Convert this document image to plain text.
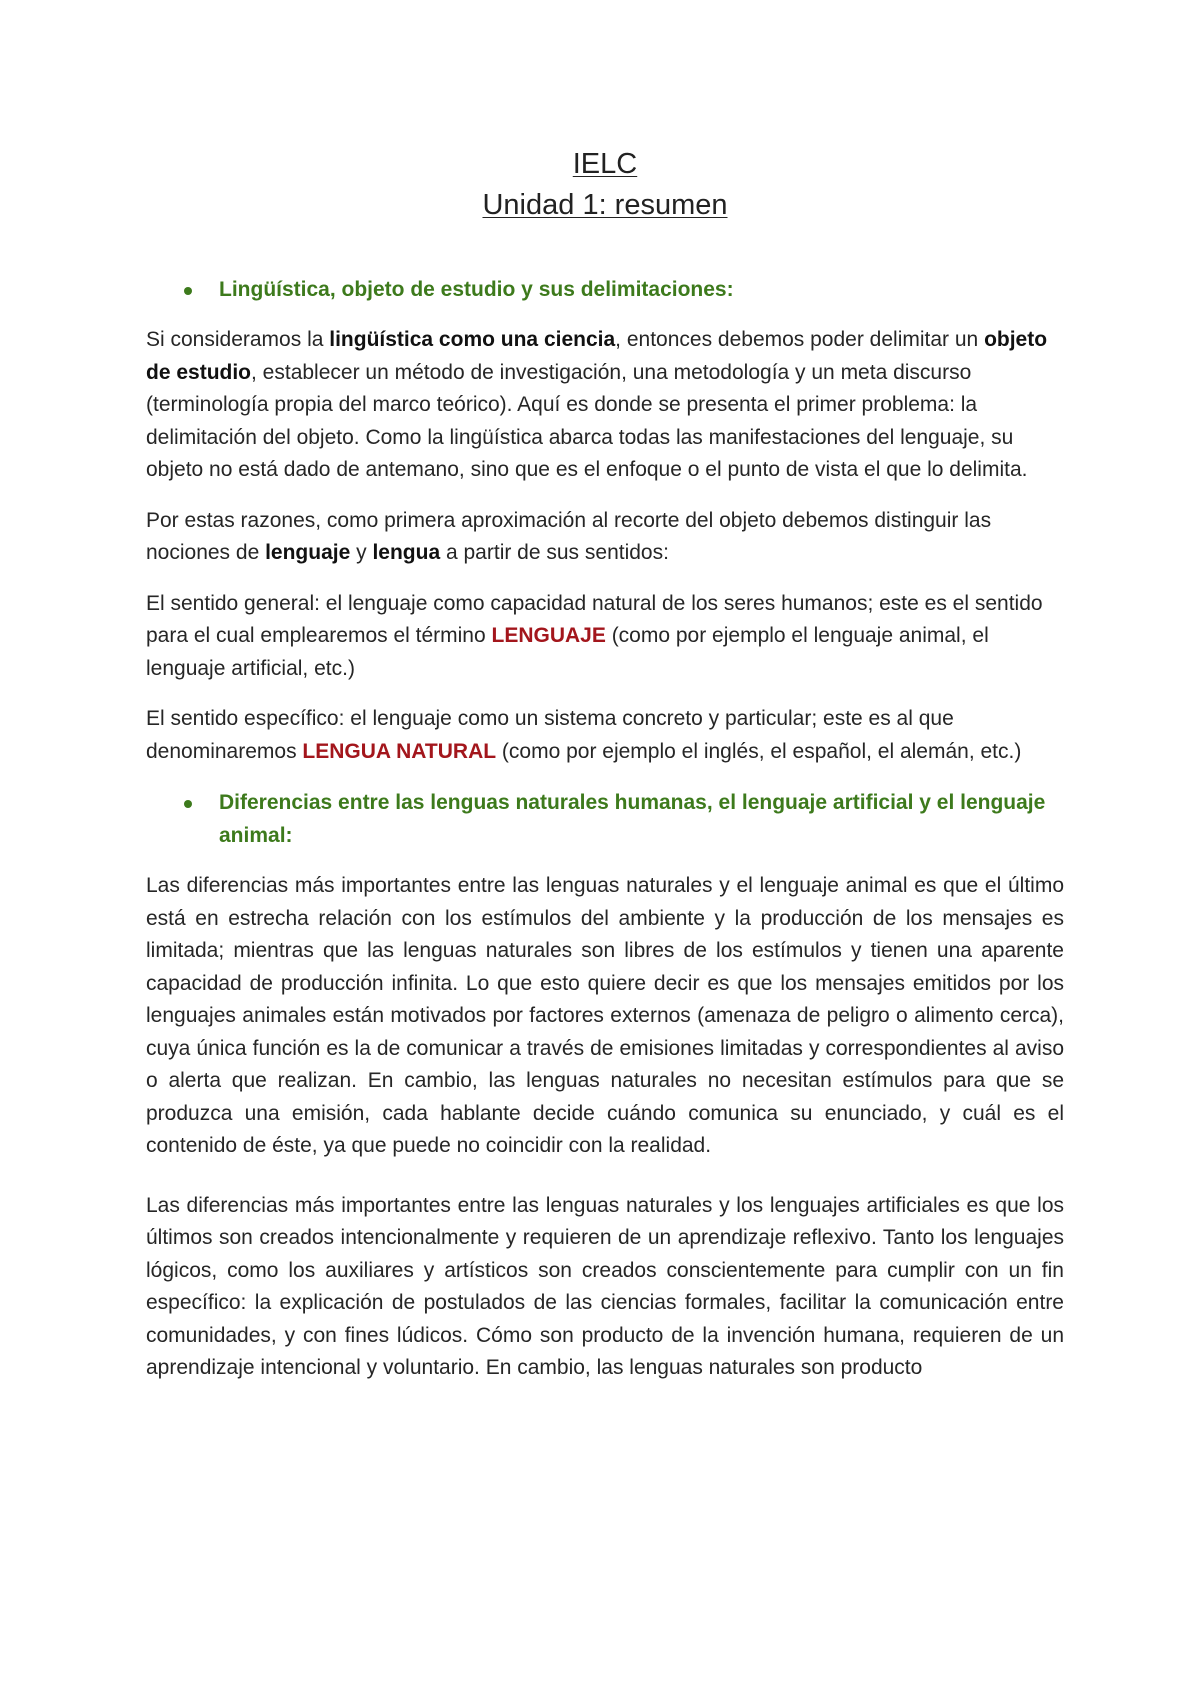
IELC
Unidad 1: resumen
Lingüística, objeto de estudio y sus delimitaciones:

Si consideramos la lingüística como una ciencia, entonces debemos poder delimitar un objeto de estudio, establecer un método de investigación, una metodología y un meta discurso (terminología propia del marco teórico). Aquí es donde se presenta el primer problema: la delimitación del objeto. Como la lingüística abarca todas las manifestaciones del lenguaje, su objeto no está dado de antemano, sino que es el enfoque o el punto de vista el que lo delimita.

Por estas razones, como primera aproximación al recorte del objeto debemos distinguir las nociones de lenguaje y lengua a partir de sus sentidos:

El sentido general: el lenguaje como capacidad natural de los seres humanos; este es el sentido para el cual emplearemos el término LENGUAJE (como por ejemplo el lenguaje animal, el lenguaje artificial, etc.)

El sentido específico: el lenguaje como un sistema concreto y particular; este es al que denominaremos LENGUA NATURAL (como por ejemplo el inglés, el español, el alemán, etc.)

Diferencias entre las lenguas naturales humanas, el lenguaje artificial y el lenguaje animal:

Las diferencias más importantes entre las lenguas naturales y el lenguaje animal es que el último está en estrecha relación con los estímulos del ambiente y la producción de los mensajes es limitada; mientras que las lenguas naturales son libres de los estímulos y tienen una aparente capacidad de producción infinita. Lo que esto quiere decir es que los mensajes emitidos por los lenguajes animales están motivados por factores externos (amenaza de peligro o alimento cerca), cuya única función es la de comunicar a través de emisiones limitadas y correspondientes al aviso o alerta que realizan. En cambio, las lenguas naturales no necesitan estímulos para que se produzca una emisión, cada hablante decide cuándo comunica su enunciado, y cuál es el contenido de éste, ya que puede no coincidir con la realidad.

Las diferencias más importantes entre las lenguas naturales y los lenguajes artificiales es que los últimos son creados intencionalmente y requieren de un aprendizaje reflexivo. Tanto los lenguajes lógicos, como los auxiliares y artísticos son creados conscientemente para cumplir con un fin específico: la explicación de postulados de las ciencias formales, facilitar la comunicación entre comunidades, y con fines lúdicos. Cómo son producto de la invención humana, requieren de un aprendizaje intencional y voluntario. En cambio, las lenguas naturales son producto
